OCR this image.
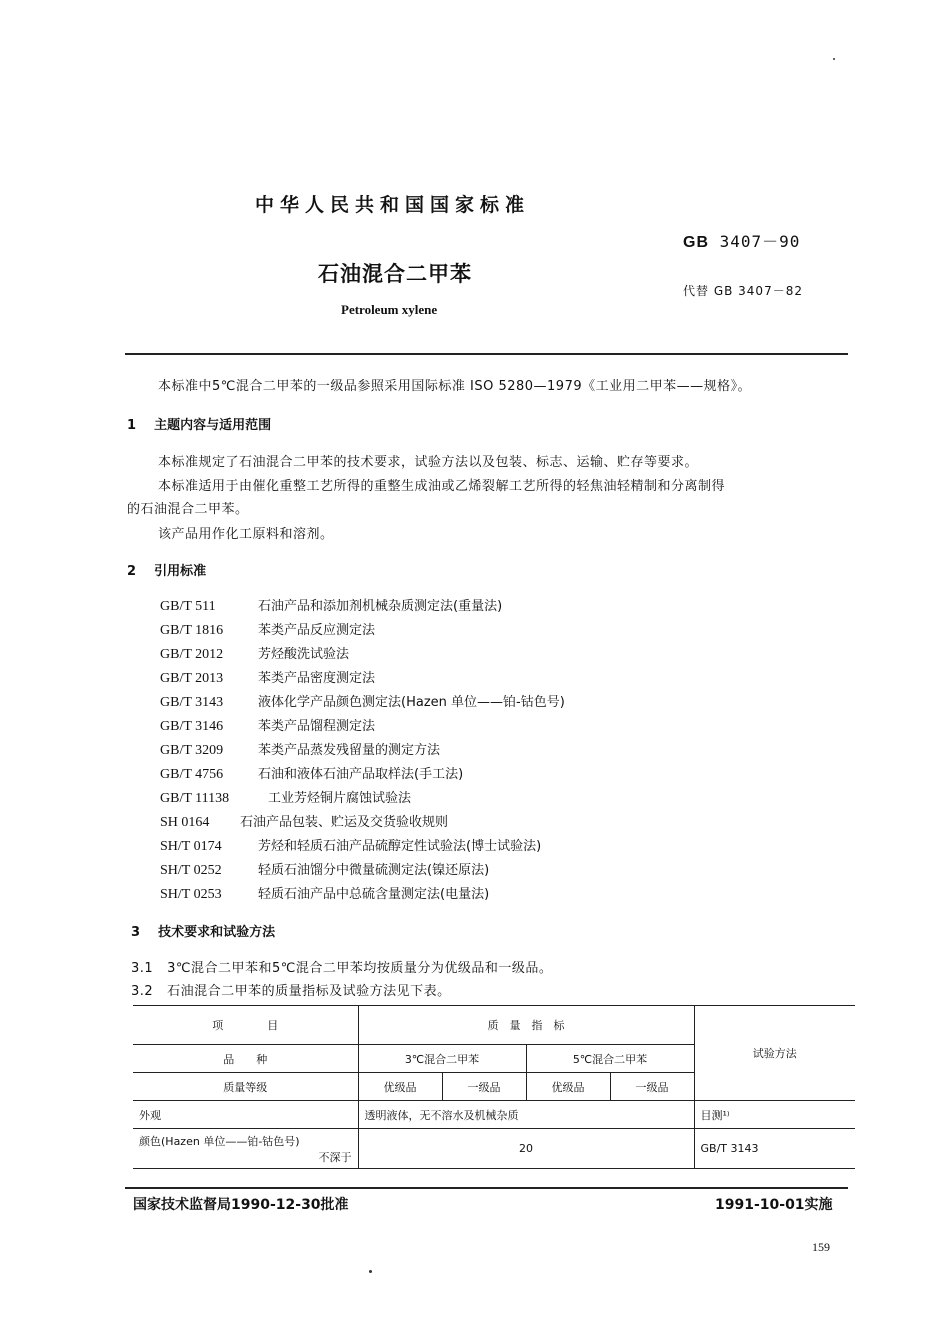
中华人民共和国国家标准
GB 3407－90
石油混合二甲苯
代替 GB 3407－82
Petroleum xylene
本标准中5℃混合二甲苯的一级品参照采用国际标准 ISO 5280—1979《工业用二甲苯——规格》。
1 主题内容与适用范围
本标准规定了石油混合二甲苯的技术要求，试验方法以及包装、标志、运输、贮存等要求。
本标准适用于由催化重整工艺所得的重整生成油或乙烯裂解工艺所得的轻焦油轻精制和分离制得
的石油混合二甲苯。
该产品用作化工原料和溶剂。
2 引用标准
GB/T 511	石油产品和添加剂机械杂质测定法(重量法)
GB/T 1816	苯类产品反应测定法
GB/T 2012	芳烃酸洗试验法
GB/T 2013	苯类产品密度测定法
GB/T 3143	液体化学产品颜色测定法(Hazen 单位——铂-钴色号)
GB/T 3146	苯类产品馏程测定法
GB/T 3209	苯类产品蒸发残留量的测定方法
GB/T 4756	石油和液体石油产品取样法(手工法)
GB/T 11138	工业芳烃铜片腐蚀试验法
SH 0164 石油产品包装、贮运及交货验收规则
SH/T 0174	芳烃和轻质石油产品硫醇定性试验法(博士试验法)
SH/T 0252	轻质石油馏分中微量硫测定法(镍还原法)
SH/T 0253	轻质石油产品中总硫含量测定法(电量法)
3 技术要求和试验方法
3.1 3℃混合二甲苯和5℃混合二甲苯均按质量分为优级品和一级品。
3.2 石油混合二甲苯的质量指标及试验方法见下表。
项　　　　目	质　量　指　标				试验方法
品　　种	3℃混合二甲苯		5℃混合二甲苯		
质量等级	优级品	一级品	优级品	一级品	
外观	透明液体，无不溶水及机械杂质				目测¹⁾

颜色(Hazen 单位——铂-钴色号)
不深于	20				GB/T 3143
国家技术监督局1990-12-30批准	1991-10-01实施
159
